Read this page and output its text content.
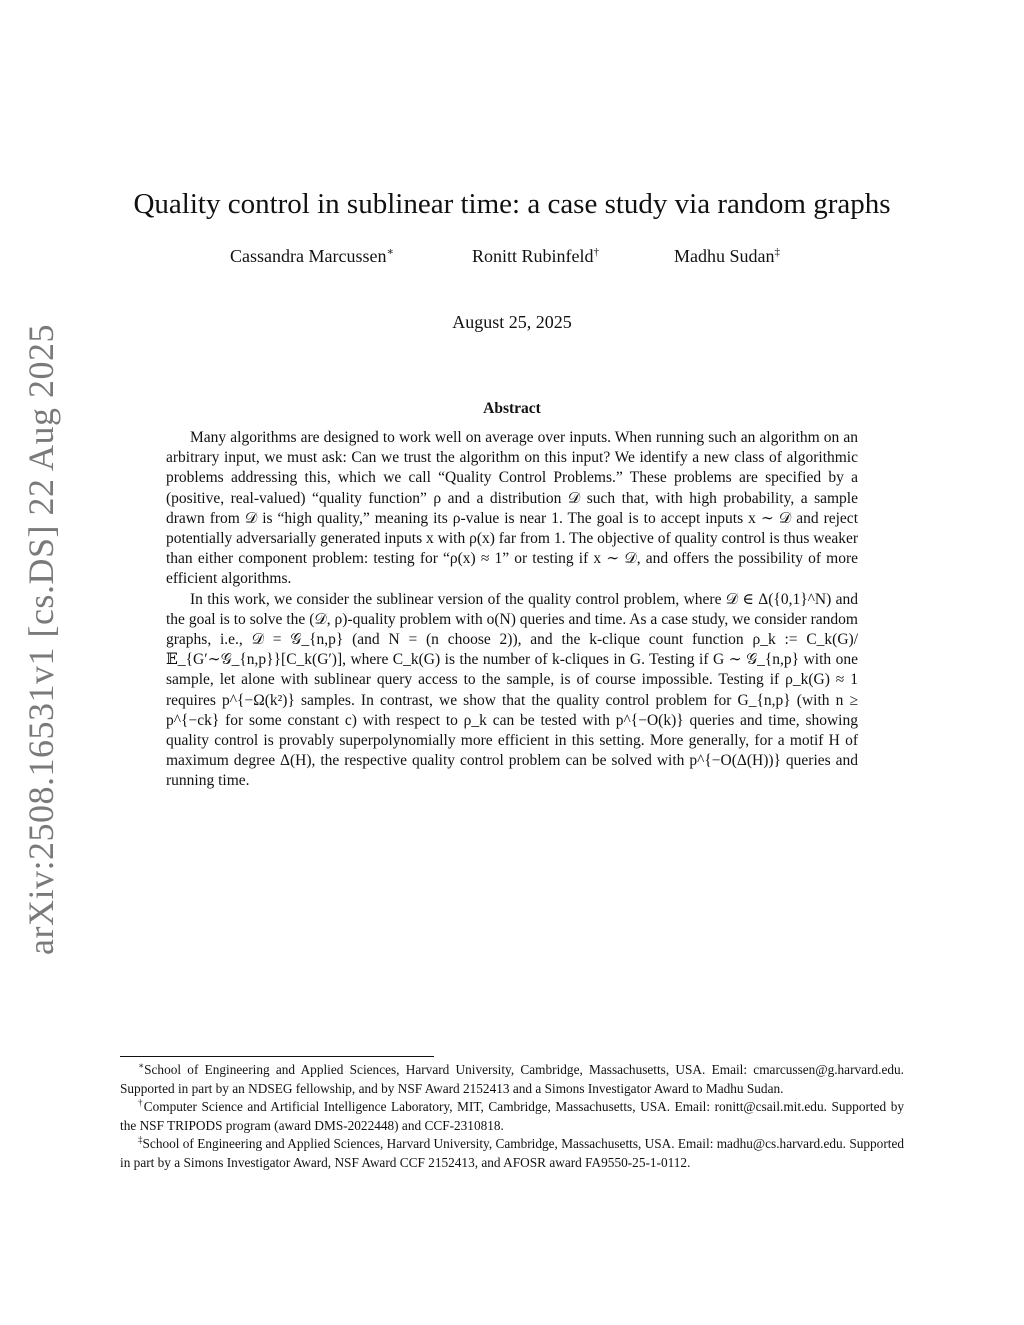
arXiv:2508.16531v1 [cs.DS] 22 Aug 2025
Quality control in sublinear time: a case study via random graphs
Cassandra Marcussen∗	Ronitt Rubinfeld†	Madhu Sudan‡
August 25, 2025
Abstract

Many algorithms are designed to work well on average over inputs. When running such an algorithm on an arbitrary input, we must ask: Can we trust the algorithm on this input? We identify a new class of algorithmic problems addressing this, which we call “Quality Control Problems.” These problems are specified by a (positive, real-valued) “quality function” ρ and a distribution 𝒟 such that, with high probability, a sample drawn from 𝒟 is “high quality,” meaning its ρ-value is near 1. The goal is to accept inputs x ∼ 𝒟 and reject potentially adversarially generated inputs x with ρ(x) far from 1. The objective of quality control is thus weaker than either component problem: testing for “ρ(x) ≈ 1” or testing if x ∼ 𝒟, and offers the possibility of more efficient algorithms.

In this work, we consider the sublinear version of the quality control problem, where 𝒟 ∈ Δ({0,1}^N) and the goal is to solve the (𝒟, ρ)-quality problem with o(N) queries and time. As a case study, we consider random graphs, i.e., 𝒟 = 𝒢_{n,p} (and N = (n choose 2)), and the k-clique count function ρ_k := C_k(G)/𝔼_{G′∼𝒢_{n,p}}[C_k(G′)], where C_k(G) is the number of k-cliques in G. Testing if G ∼ 𝒢_{n,p} with one sample, let alone with sublinear query access to the sample, is of course impossible. Testing if ρ_k(G) ≈ 1 requires p^{−Ω(k²)} samples. In contrast, we show that the quality control problem for G_{n,p} (with n ≥ p^{−ck} for some constant c) with respect to ρ_k can be tested with p^{−O(k)} queries and time, showing quality control is provably superpolynomially more efficient in this setting. More generally, for a motif H of maximum degree Δ(H), the respective quality control problem can be solved with p^{−O(Δ(H))} queries and running time.

∗School of Engineering and Applied Sciences, Harvard University, Cambridge, Massachusetts, USA. Email: cmarcussen@g.harvard.edu. Supported in part by an NDSEG fellowship, and by NSF Award 2152413 and a Simons Investigator Award to Madhu Sudan.

†Computer Science and Artificial Intelligence Laboratory, MIT, Cambridge, Massachusetts, USA. Email: ronitt@csail.mit.edu. Supported by the NSF TRIPODS program (award DMS-2022448) and CCF-2310818.

‡School of Engineering and Applied Sciences, Harvard University, Cambridge, Massachusetts, USA. Email: madhu@cs.harvard.edu. Supported in part by a Simons Investigator Award, NSF Award CCF 2152413, and AFOSR award FA9550-25-1-0112.
